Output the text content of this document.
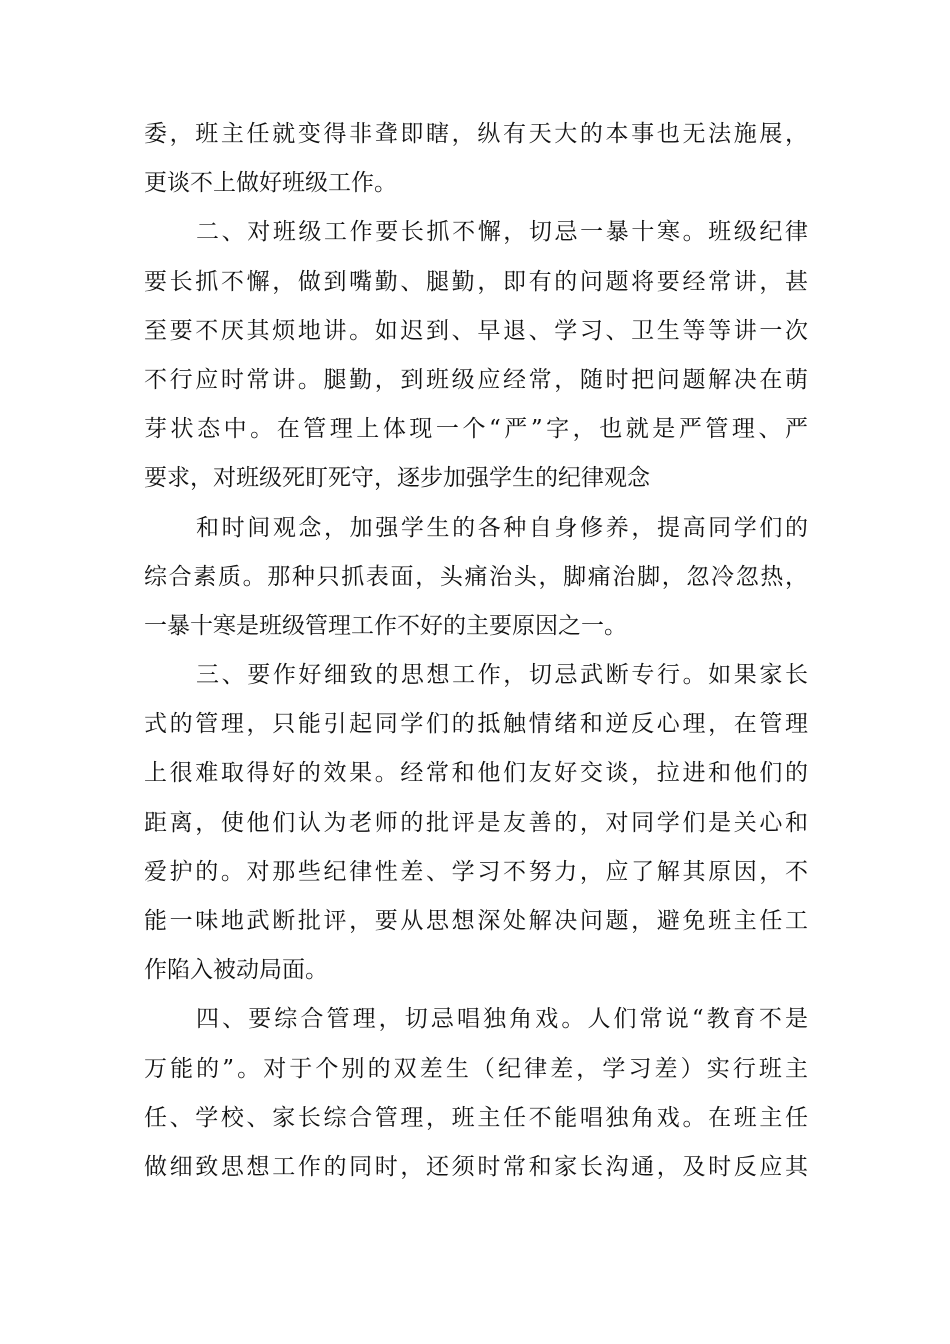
委，班主任就变得非聋即瞎，纵有天大的本事也无法施展，
更谈不上做好班级工作。
二、对班级工作要长抓不懈，切忌一暴十寒。班级纪律
要长抓不懈，做到嘴勤、腿勤，即有的问题将要经常讲，甚
至要不厌其烦地讲。如迟到、早退、学习、卫生等等讲一次
不行应时常讲。腿勤，到班级应经常，随时把问题解决在萌
芽状态中。在管理上体现一个“严”字，也就是严管理、严
要求，对班级死盯死守，逐步加强学生的纪律观念
和时间观念，加强学生的各种自身修养，提高同学们的
综合素质。那种只抓表面，头痛治头，脚痛治脚，忽冷忽热，
一暴十寒是班级管理工作不好的主要原因之一。
三、要作好细致的思想工作，切忌武断专行。如果家长
式的管理，只能引起同学们的抵触情绪和逆反心理，在管理
上很难取得好的效果。经常和他们友好交谈，拉进和他们的
距离，使他们认为老师的批评是友善的，对同学们是关心和
爱护的。对那些纪律性差、学习不努力，应了解其原因，不
能一味地武断批评，要从思想深处解决问题，避免班主任工
作陷入被动局面。
四、要综合管理，切忌唱独角戏。人们常说“教育不是
万能的”。对于个别的双差生（纪律差，学习差）实行班主
任、学校、家长综合管理，班主任不能唱独角戏。在班主任
做细致思想工作的同时，还须时常和家长沟通，及时反应其
